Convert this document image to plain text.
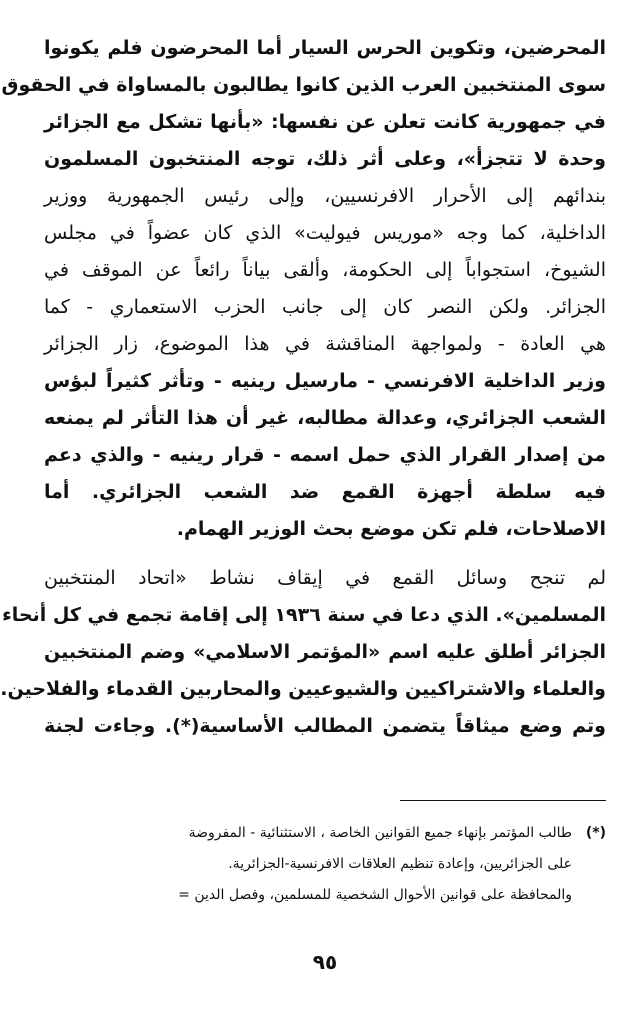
المحرضين، وتكوين الحرس السيار أما المحرضون فلم يكونوا
سوى المنتخبين العرب الذين كانوا يطالبون بالمساواة في الحقوق
في جمهورية كانت تعلن عن نفسها: «بأنها تشكل مع الجزائر
وحدة لا تتجزأ»، وعلى أثر ذلك، توجه المنتخبون المسلمون
بندائهم إلى الأحرار الافرنسيين، وإلى رئيس الجمهورية ووزير
الداخلية، كما وجه «موريس فيوليت» الذي كان عضواً في مجلس
الشيوخ، استجواباً إلى الحكومة، وألقى بياناً رائعاً عن الموقف في
الجزائر. ولكن النصر كان إلى جانب الحزب الاستعماري - كما
هي العادة - ولمواجهة المناقشة في هذا الموضوع، زار الجزائر
وزير الداخلية الافرنسي - مارسيل رينيه - وتأثر كثيراً لبؤس
الشعب الجزائري، وعدالة مطالبه، غير أن هذا التأثر لم يمنعه
من إصدار القرار الذي حمل اسمه - قرار رينيه - والذي دعم
فيه سلطة أجهزة القمع ضد الشعب الجزائري. أما
الاصلاحات، فلم تكن موضع بحث الوزير الهمام.
لم تنجح وسائل القمع في إيقاف نشاط «اتحاد المنتخبين
المسلمين». الذي دعا في سنة ١٩٣٦ إلى إقامة تجمع في كل أنحاء
الجزائر أطلق عليه اسم «المؤتمر الاسلامي» وضم المنتخبين
والعلماء والاشتراكيين والشيوعيين والمحاربين القدماء والفلاحين.
وتم وضع ميثاقاً يتضمن المطالب الأساسية(*). وجاءت لجنة
(*)طالب المؤتمر بإنهاء جميع القوانين الخاصة ، الاستثنائية - المفروضة
على الجزائريين، وإعادة تنظيم العلاقات الافرنسية-الجزائرية.
والمحافظة على قوانين الأحوال الشخصية للمسلمين، وفصل الدين =
٩٥
